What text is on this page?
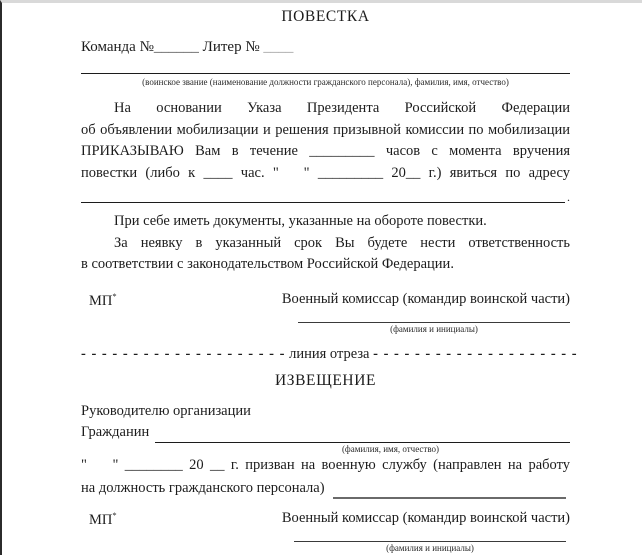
ПОВЕСТКА
Команда №______ Литер № ____
(воинское звание (наименование должности гражданского персонала), фамилия, имя, отчество)
На основании Указа Президента Российской Федерации
об объявлении мобилизации и решения призывной комиссии по мобилизации
ПРИКАЗЫВАЮ Вам в течение _________ часов с момента вручения
повестки (либо к ____ час. "   " _________ 20__ г.) явиться по адресу
.
При себе иметь документы, указанные на обороте повестки.
За неявку в указанный срок Вы будете нести ответственность
в соответствии с законодательством Российской Федерации.
МП*	Военный комиссар (командир воинской части)
(фамилия и инициалы)
- - - - - - - - - - - - - - - - - - - - линия отреза - - - - - - - - - - - - - - - - - - - -
ИЗВЕЩЕНИЕ
Руководителю организации
Гражданин
(фамилия, имя, отчество)
"    " ________ 20 __ г. призван на военную службу (направлен на работу
на должность гражданского персонала)
МП*	Военный комиссар (командир воинской части)
(фамилия и инициалы)
